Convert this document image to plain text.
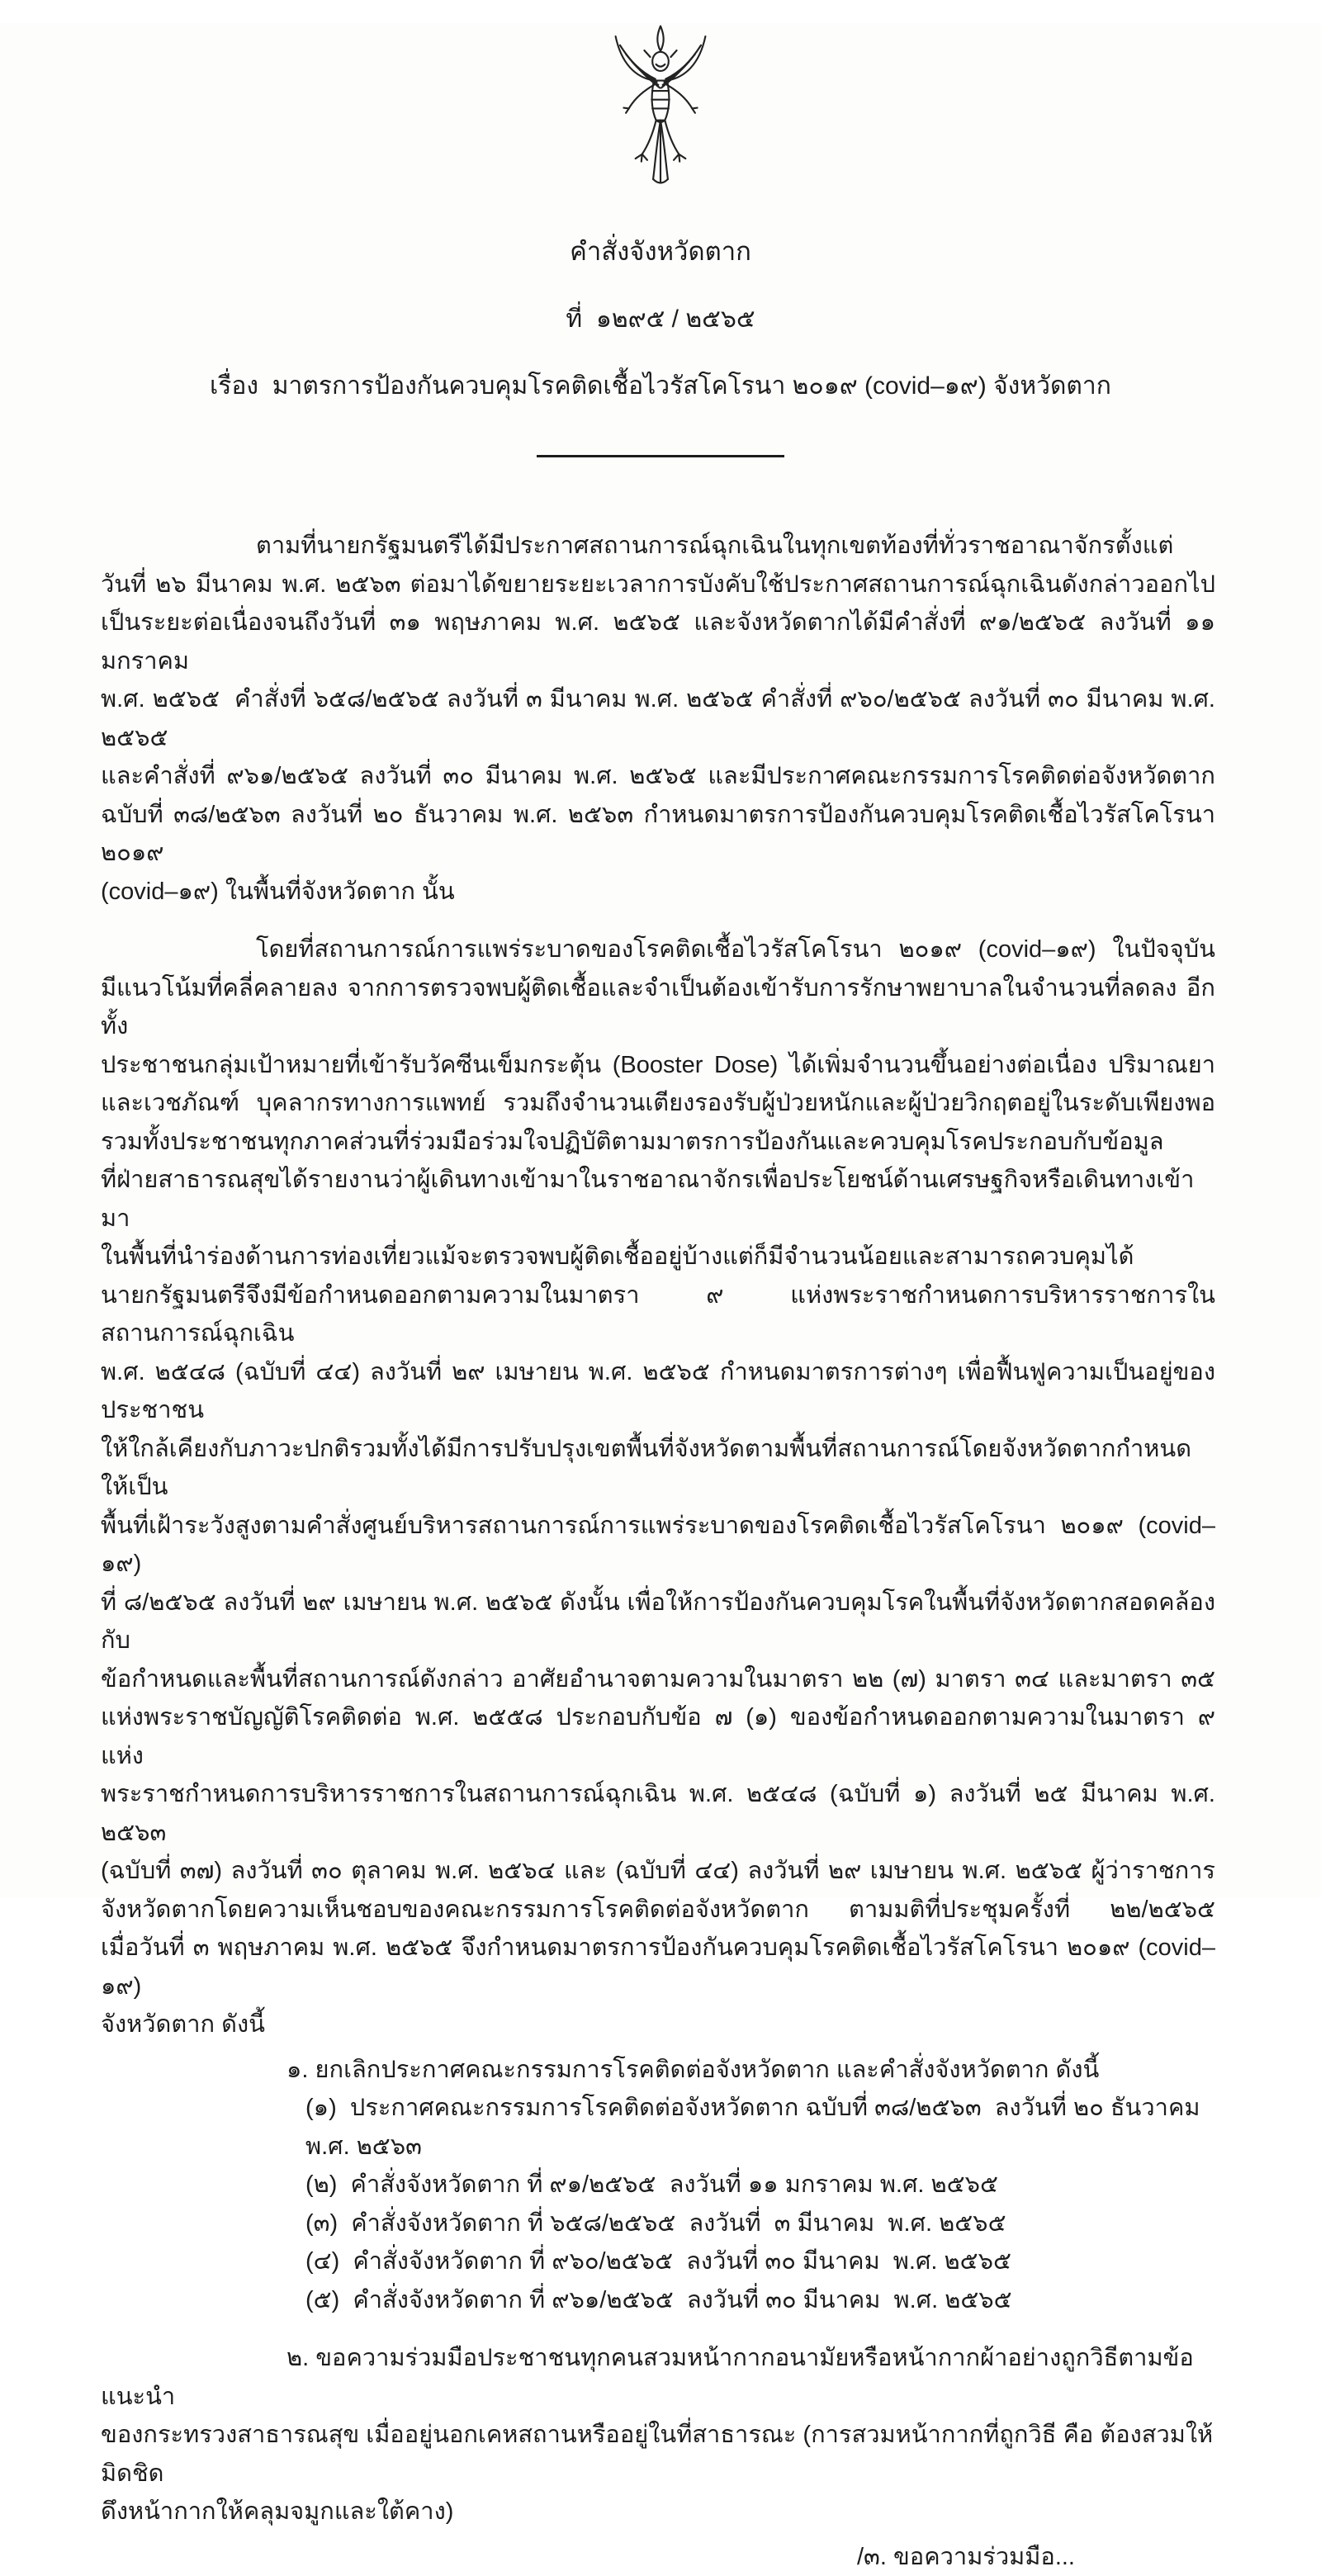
คำสั่งจังหวัดตาก

ที่  ๑๒๙๕ / ๒๕๖๕

เรื่อง  มาตรการป้องกันควบคุมโรคติดเชื้อไวรัสโคโรนา ๒๐๑๙ (covid–๑๙) จังหวัดตาก

ตามที่นายกรัฐมนตรีได้มีประกาศสถานการณ์ฉุกเฉินในทุกเขตท้องที่ทั่วราชอาณาจักรตั้งแต่
วันที่ ๒๖ มีนาคม พ.ศ. ๒๕๖๓ ต่อมาได้ขยายระยะเวลาการบังคับใช้ประกาศสถานการณ์ฉุกเฉินดังกล่าวออกไป
เป็นระยะต่อเนื่องจนถึงวันที่ ๓๑ พฤษภาคม พ.ศ. ๒๕๖๕ และจังหวัดตากได้มีคำสั่งที่ ๙๑/๒๕๖๕ ลงวันที่ ๑๑ มกราคม
พ.ศ. ๒๕๖๕  คำสั่งที่ ๖๕๘/๒๕๖๕ ลงวันที่ ๓ มีนาคม พ.ศ. ๒๕๖๕ คำสั่งที่ ๙๖๐/๒๕๖๕ ลงวันที่ ๓๐ มีนาคม พ.ศ. ๒๕๖๕
และคำสั่งที่ ๙๖๑/๒๕๖๕ ลงวันที่ ๓๐ มีนาคม พ.ศ. ๒๕๖๕ และมีประกาศคณะกรรมการโรคติดต่อจังหวัดตาก
ฉบับที่ ๓๘/๒๕๖๓ ลงวันที่ ๒๐ ธันวาคม พ.ศ. ๒๕๖๓ กำหนดมาตรการป้องกันควบคุมโรคติดเชื้อไวรัสโคโรนา ๒๐๑๙
(covid–๑๙) ในพื้นที่จังหวัดตาก นั้น
โดยที่สถานการณ์การแพร่ระบาดของโรคติดเชื้อไวรัสโคโรนา ๒๐๑๙ (covid–๑๙) ในปัจจุบัน
มีแนวโน้มที่คลี่คลายลง จากการตรวจพบผู้ติดเชื้อและจำเป็นต้องเข้ารับการรักษาพยาบาลในจำนวนที่ลดลง อีกทั้ง
ประชาชนกลุ่มเป้าหมายที่เข้ารับวัคซีนเข็มกระตุ้น (Booster Dose) ได้เพิ่มจำนวนขึ้นอย่างต่อเนื่อง ปริมาณยา
และเวชภัณฑ์ บุคลากรทางการแพทย์ รวมถึงจำนวนเตียงรองรับผู้ป่วยหนักและผู้ป่วยวิกฤตอยู่ในระดับเพียงพอ
รวมทั้งประชาชนทุกภาคส่วนที่ร่วมมือร่วมใจปฏิบัติตามมาตรการป้องกันและควบคุมโรคประกอบกับข้อมูล
ที่ฝ่ายสาธารณสุขได้รายงานว่าผู้เดินทางเข้ามาในราชอาณาจักรเพื่อประโยชน์ด้านเศรษฐกิจหรือเดินทางเข้ามา
ในพื้นที่นำร่องด้านการท่องเที่ยวแม้จะตรวจพบผู้ติดเชื้ออยู่บ้างแต่ก็มีจำนวนน้อยและสามารถควบคุมได้
นายกรัฐมนตรีจึงมีข้อกำหนดออกตามความในมาตรา ๙ แห่งพระราชกำหนดการบริหารราชการในสถานการณ์ฉุกเฉิน
พ.ศ. ๒๕๔๘ (ฉบับที่ ๔๔) ลงวันที่ ๒๙ เมษายน พ.ศ. ๒๕๖๕ กำหนดมาตรการต่างๆ เพื่อฟื้นฟูความเป็นอยู่ของประชาชน
ให้ใกล้เคียงกับภาวะปกติรวมทั้งได้มีการปรับปรุงเขตพื้นที่จังหวัดตามพื้นที่สถานการณ์โดยจังหวัดตากกำหนดให้เป็น
พื้นที่เฝ้าระวังสูงตามคำสั่งศูนย์บริหารสถานการณ์การแพร่ระบาดของโรคติดเชื้อไวรัสโคโรนา ๒๐๑๙ (covid–๑๙)
ที่ ๘/๒๕๖๕ ลงวันที่ ๒๙ เมษายน พ.ศ. ๒๕๖๕ ดังนั้น เพื่อให้การป้องกันควบคุมโรคในพื้นที่จังหวัดตากสอดคล้องกับ
ข้อกำหนดและพื้นที่สถานการณ์ดังกล่าว อาศัยอำนาจตามความในมาตรา ๒๒ (๗) มาตรา ๓๔ และมาตรา ๓๕
แห่งพระราชบัญญัติโรคติดต่อ พ.ศ. ๒๕๕๘ ประกอบกับข้อ ๗ (๑) ของข้อกำหนดออกตามความในมาตรา ๙ แห่ง
พระราชกำหนดการบริหารราชการในสถานการณ์ฉุกเฉิน พ.ศ. ๒๕๔๘ (ฉบับที่ ๑) ลงวันที่ ๒๕ มีนาคม พ.ศ. ๒๕๖๓
(ฉบับที่ ๓๗) ลงวันที่ ๓๐ ตุลาคม พ.ศ. ๒๕๖๔ และ (ฉบับที่ ๔๔) ลงวันที่ ๒๙ เมษายน พ.ศ. ๒๕๖๕ ผู้ว่าราชการ
จังหวัดตากโดยความเห็นชอบของคณะกรรมการโรคติดต่อจังหวัดตาก ตามมติที่ประชุมครั้งที่ ๒๒/๒๕๖๕
เมื่อวันที่ ๓ พฤษภาคม พ.ศ. ๒๕๖๕ จึงกำหนดมาตรการป้องกันควบคุมโรคติดเชื้อไวรัสโคโรนา ๒๐๑๙ (covid–๑๙)
จังหวัดตาก ดังนี้
๑. ยกเลิกประกาศคณะกรรมการโรคติดต่อจังหวัดตาก และคำสั่งจังหวัดตาก ดังนี้
(๑)  ประกาศคณะกรรมการโรคติดต่อจังหวัดตาก ฉบับที่ ๓๘/๒๕๖๓  ลงวันที่ ๒๐ ธันวาคม  พ.ศ. ๒๕๖๓
(๒)  คำสั่งจังหวัดตาก ที่ ๙๑/๒๕๖๕  ลงวันที่ ๑๑ มกราคม พ.ศ. ๒๕๖๕
(๓)  คำสั่งจังหวัดตาก ที่ ๖๕๘/๒๕๖๕  ลงวันที่  ๓ มีนาคม  พ.ศ. ๒๕๖๕
(๔)  คำสั่งจังหวัดตาก ที่ ๙๖๐/๒๕๖๕  ลงวันที่ ๓๐ มีนาคม  พ.ศ. ๒๕๖๕
(๕)  คำสั่งจังหวัดตาก ที่ ๙๖๑/๒๕๖๕  ลงวันที่ ๓๐ มีนาคม  พ.ศ. ๒๕๖๕
๒. ขอความร่วมมือประชาชนทุกคนสวมหน้ากากอนามัยหรือหน้ากากผ้าอย่างถูกวิธีตามข้อแนะนำ
ของกระทรวงสาธารณสุข เมื่ออยู่นอกเคหสถานหรืออยู่ในที่สาธารณะ (การสวมหน้ากากที่ถูกวิธี คือ ต้องสวมให้มิดชิด
ดึงหน้ากากให้คลุมจมูกและใต้คาง)
/๓. ขอความร่วมมือ...
